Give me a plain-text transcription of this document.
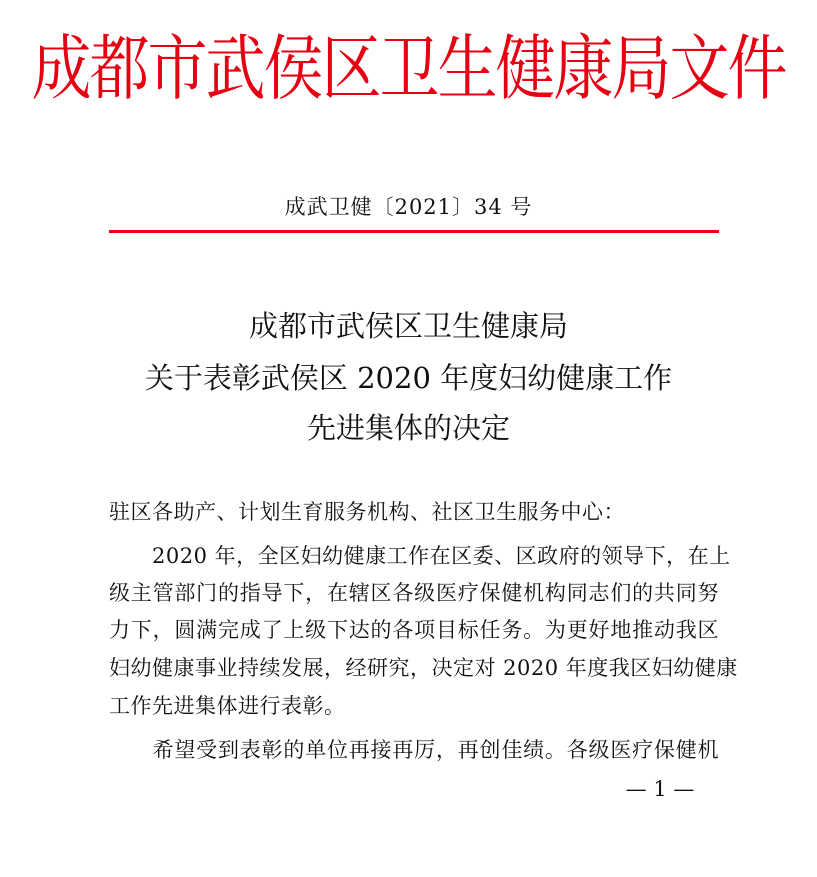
成都市武侯区卫生健康局文件
成武卫健〔2021〕34 号
成都市武侯区卫生健康局
关于表彰武侯区 2020 年度妇幼健康工作
先进集体的决定
驻区各助产、计划生育服务机构、社区卫生服务中心：
　　2020 年，全区妇幼健康工作在区委、区政府的领导下，在上
级主管部门的指导下，在辖区各级医疗保健机构同志们的共同努
力下，圆满完成了上级下达的各项目标任务。为更好地推动我区
妇幼健康事业持续发展，经研究，决定对 2020 年度我区妇幼健康
工作先进集体进行表彰。
　　希望受到表彰的单位再接再厉，再创佳绩。各级医疗保健机
— 1 —
